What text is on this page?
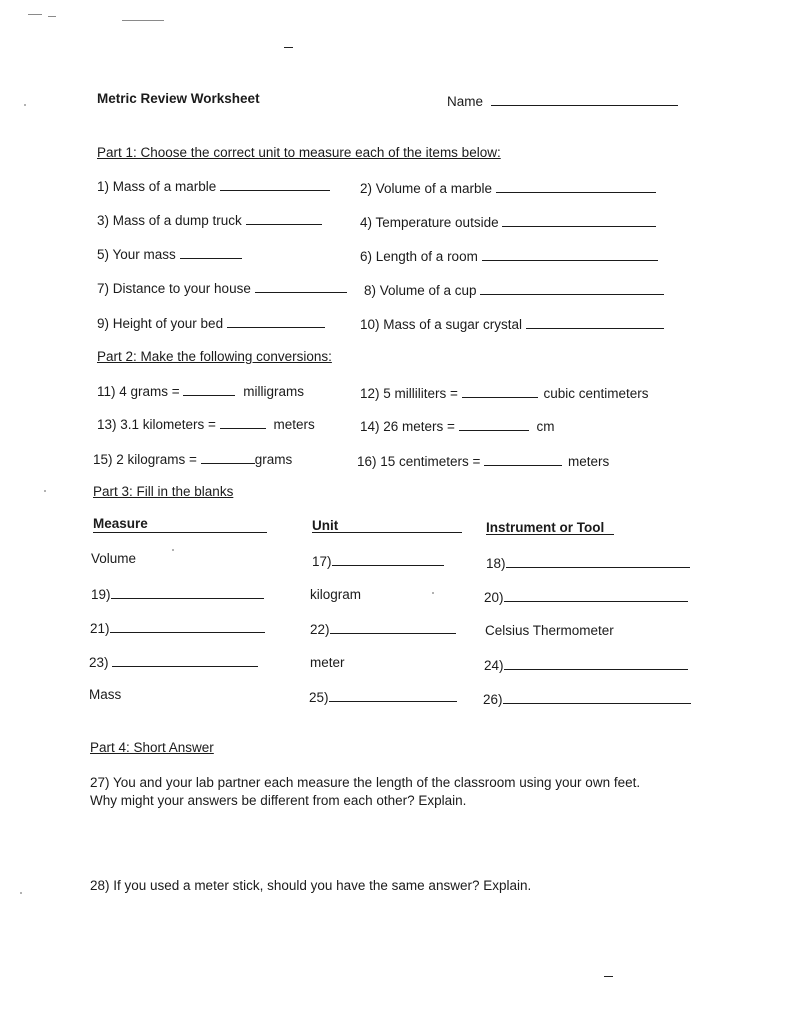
Metric Review Worksheet	Name
Part 1: Choose the correct unit to measure each of the items below:
1) Mass of a marble	2) Volume of a marble
3) Mass of a dump truck	4) Temperature outside
5) Your mass	6) Length of a room
7) Distance to your house	8) Volume of a cup
9) Height of your bed	10) Mass of a sugar crystal
Part 2: Make the following conversions:
11) 4 grams =	milligrams	12) 5 milliliters =	cubic centimeters
13) 3.1 kilometers =	meters	14) 26 meters =	cm
15) 2 kilograms =	grams	16) 15 centimeters =	meters
Part 3: Fill in the blanks
Measure	Unit	Instrument or Tool
Volume	17)	18)
19)	kilogram	20)
21)	22)	Celsius Thermometer
23)	meter	24)
Mass	25)	26)
Part 4: Short Answer
27) You and your lab partner each measure the length of the classroom using your own feet.
Why might your answers be different from each other? Explain.
28) If you used a meter stick, should you have the same answer? Explain.
